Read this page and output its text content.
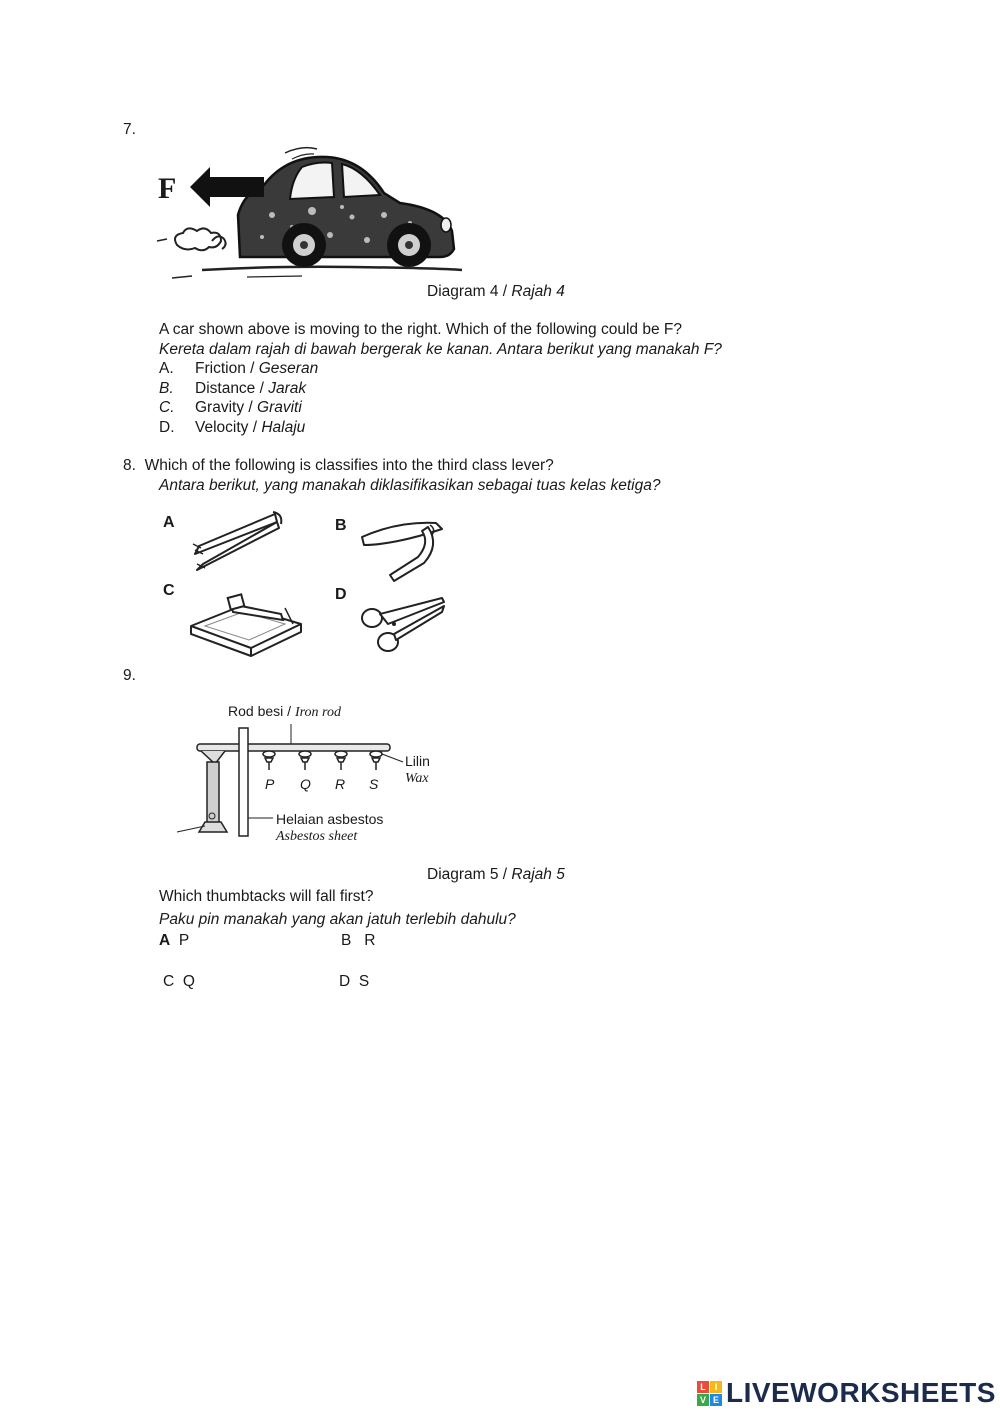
7.
F
Diagram 4 / Rajah 4
A car shown above is moving to the right. Which of the following could be F?
Kereta dalam rajah di bawah bergerak ke kanan. Antara berikut yang manakah F?
A. Friction / Geseran
B. Distance / Jarak
C. Gravity / Graviti
D. Velocity / Halaju
8. Which of the following is classifies into the third class lever?
Antara berikut, yang manakah diklasifikasikan sebagai tuas kelas ketiga?
A	B
C	D
9.
Rod besi / Iron rod
Lilin
Wax
P Q R S
Helaian asbestos
Asbestos sheet
Diagram 5 / Rajah 5
Which thumbtacks will fall first?
Paku pin manakah yang akan jatuh terlebih dahulu?
A P	B R
C Q	D S
L I
V E LIVEWORKSHEETS
